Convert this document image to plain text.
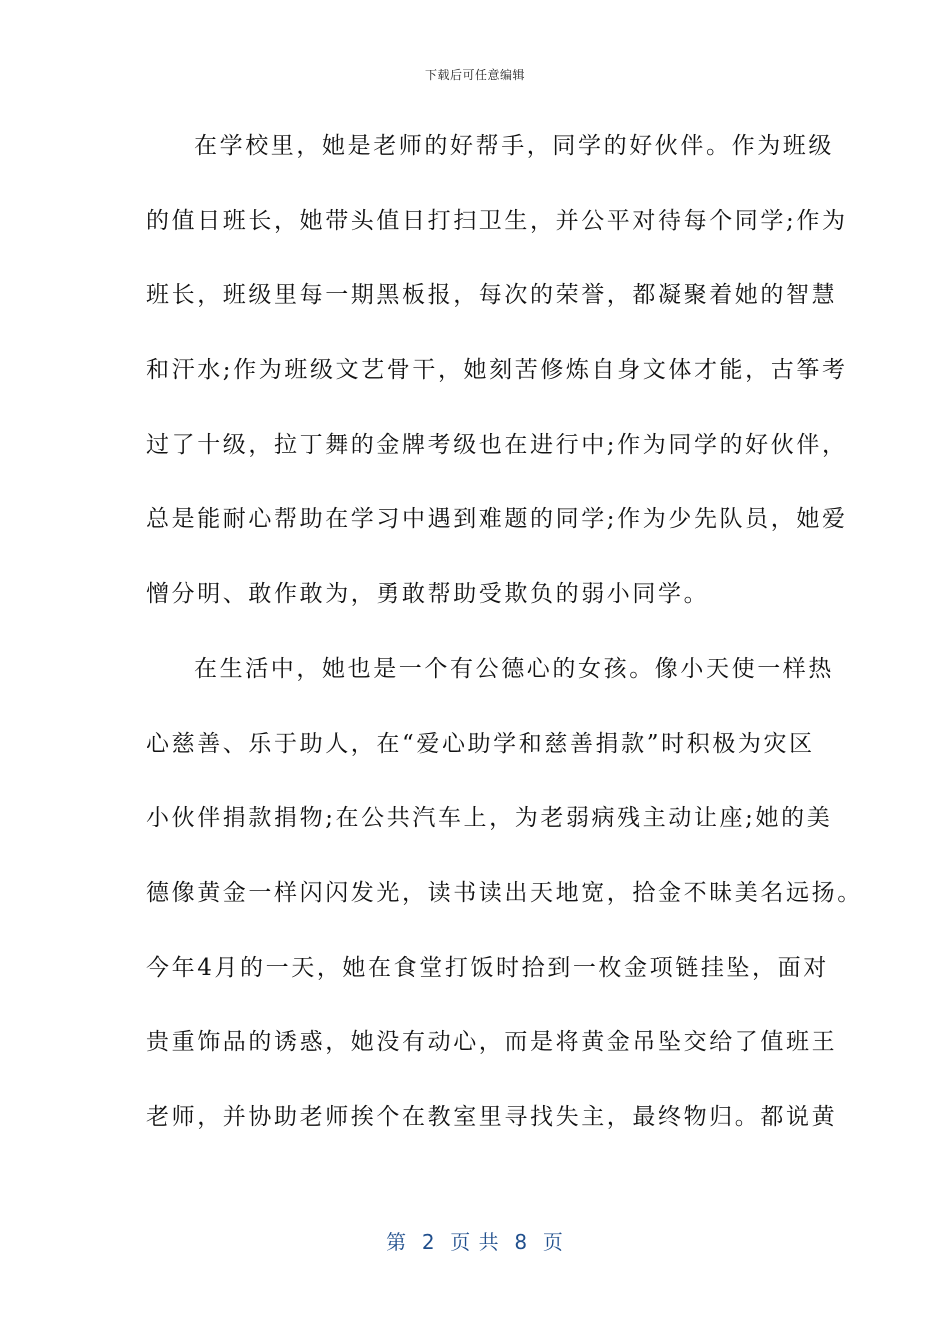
下载后可任意编辑
在学校里，她是老师的好帮手，同学的好伙伴。作为班级
的值日班长，她带头值日打扫卫生，并公平对待每个同学;作为
班长，班级里每一期黑板报，每次的荣誉，都凝聚着她的智慧
和汗水;作为班级文艺骨干，她刻苦修炼自身文体才能，古筝考
过了十级，拉丁舞的金牌考级也在进行中;作为同学的好伙伴，
总是能耐心帮助在学习中遇到难题的同学;作为少先队员，她爱
憎分明、敢作敢为，勇敢帮助受欺负的弱小同学。
在生活中，她也是一个有公德心的女孩。像小天使一样热
心慈善、乐于助人，在“爱心助学和慈善捐款”时积极为灾区
小伙伴捐款捐物;在公共汽车上，为老弱病残主动让座;她的美
德像黄金一样闪闪发光，读书读出天地宽，拾金不昧美名远扬。
今年4月的一天，她在食堂打饭时拾到一枚金项链挂坠，面对
贵重饰品的诱惑，她没有动心，而是将黄金吊坠交给了值班王
老师，并协助老师挨个在教室里寻找失主，最终物归。都说黄
第  2  页 共  8  页
